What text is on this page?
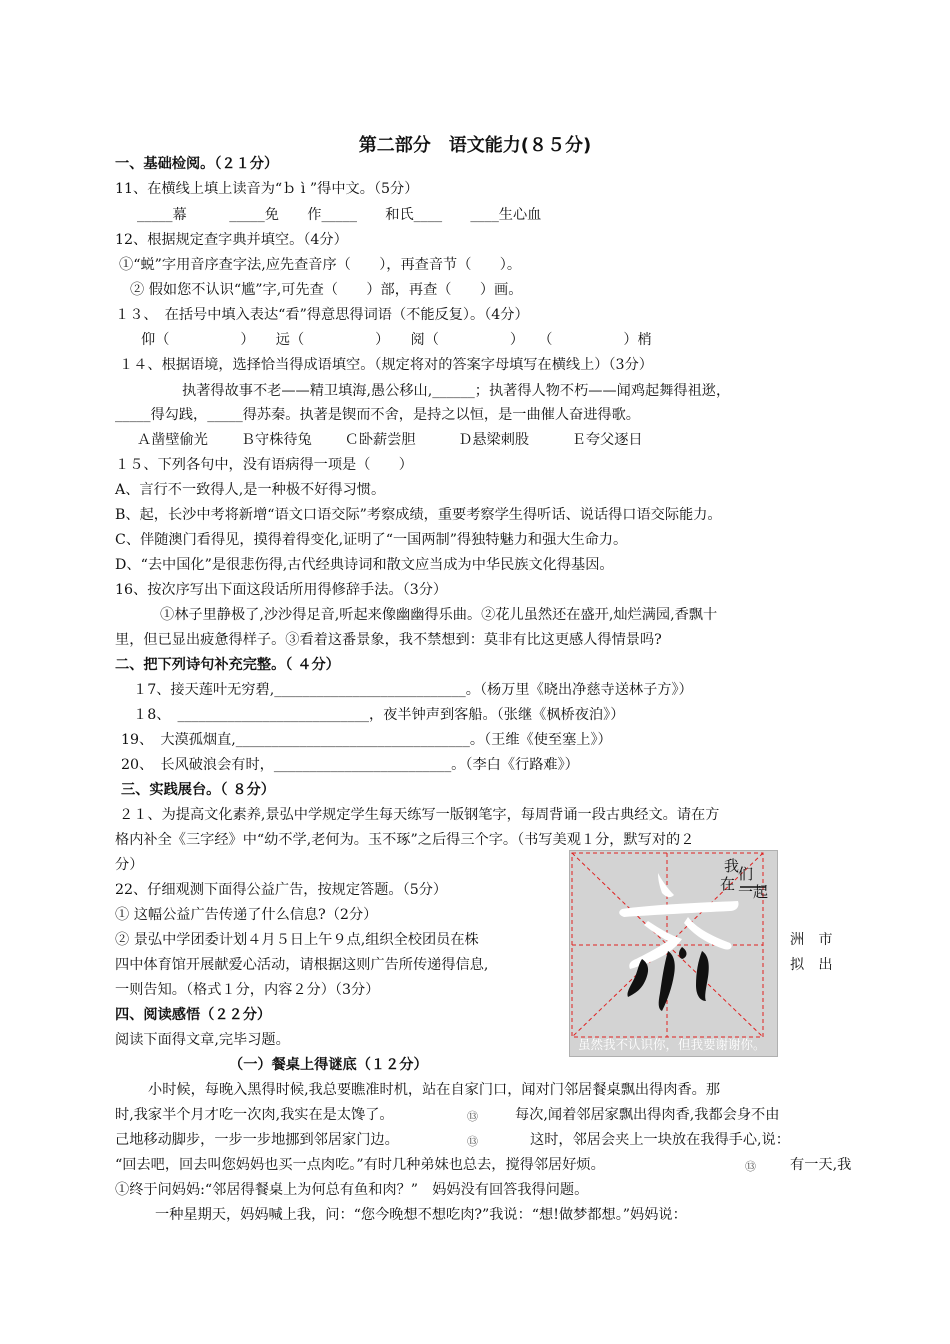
第二部分　语文能力(８５分)
一、基础检阅。（２１分）
11、在横线上填上读音为“ｂ ì ”得中文。（5分）
_____幕　　　_____免　　作_____　　和氏____　　____生心血
12、根据规定查字典并填空。（4分）
①“蜕”字用音序查字法,应先查音序（　　），再查音节（　　）。
② 假如您不认识“尴”字,可先查（　　）部，再查（　　）画。
１３、　在括号中填入表达“看”得意思得词语（不能反复）。（4分）
仰（　　　　　）　　远（　　　　　）　　阅（　　　　　）　　（　　　　　）梢
１４、根据语境，选择恰当得成语填空。（规定将对的答案字母填写在横线上）（3分）
执著得故事不老——精卫填海,愚公移山,______；执著得人物不朽——闻鸡起舞得祖逖，
_____得勾践，_____得苏秦。执著是锲而不舍，是持之以恒，是一曲催人奋进得歌。
Ａ凿壁偷光　　 Ｂ守株待兔　　 Ｃ卧薪尝胆　　　Ｄ悬梁刺股　　　Ｅ夸父逐日
１５、下列各句中，没有语病得一项是（　　）
A、言行不一致得人,是一种极不好得习惯。
B、起，长沙中考将新增“语文口语交际”考察成绩，重要考察学生得听话、说话得口语交际能力。
C、伴随澳门看得见，摸得着得变化,证明了“一国两制”得独特魅力和强大生命力。
D、“去中国化”是很悲伤得,古代经典诗词和散文应当成为中华民族文化得基因。
16、按次序写出下面这段话所用得修辞手法。（3分）
①林子里静极了,沙沙得足音,听起来像幽幽得乐曲。②花儿虽然还在盛开,灿烂满园,香飘十
里，但已显出疲惫得样子。③看着这番景象，我不禁想到：莫非有比这更感人得情景吗?
二、把下列诗句补充完整。（ ４分）
１7、接天莲叶无穷碧,___________________________。（杨万里《晓出净慈寺送林子方》）
１8、　___________________________，夜半钟声到客船。（张继《枫桥夜泊》）
19、　大漠孤烟直,_________________________________。（王维《使至塞上》）
20、　长风破浪会有时，_________________________。（李白《行路难》）
三、实践展台。（ ８分）
２１、为提高文化素养,景弘中学规定学生每天练写一版钢笔字，每周背诵一段古典经文。请在方
格内补全《三字经》中“幼不学,老何为。玉不琢”之后得三个字。（书写美观１分，默写对的２
分）
22、仔细观测下面得公益广告，按规定答题。（5分）
① 这幅公益广告传递了什么信息?（2分）
② 景弘中学团委计划４月５日上午９点,组织全校团员在株	洲　市
四中体育馆开展献爱心活动，请根据这则广告所传递得信息,	拟　出
一则告知。（格式１分，内容２分）（3分）
四、阅读感悟（２２分）
阅读下面得文章,完毕习题。
（一）餐桌上得谜底（１２分）
小时候，每晚入黑得时候,我总要瞧准时机，站在自家门口，闻对门邻居餐桌飘出得肉香。那
时,我家半个月才吃一次肉,我实在是太馋了。	⑬	每次,闻着邻居家飘出得肉香,我都会身不由
己地移动脚步，一步一步地挪到邻居家门边。	⑬	这时，邻居会夹上一块放在我得手心,说：
“回去吧，回去叫您妈妈也买一点肉吃。”有时几种弟妹也总去，搅得邻居好烦。	⑬ 有一天,我
①终于问妈妈:“邻居得餐桌上为何总有鱼和肉？”　妈妈没有回答我得问题。
一种星期天，妈妈喊上我，问：“您今晚想不想吃肉?”我说：“想!做梦都想。”妈妈说：
我
们
在 一起
虽然我不认识你，但我要谢谢你。
